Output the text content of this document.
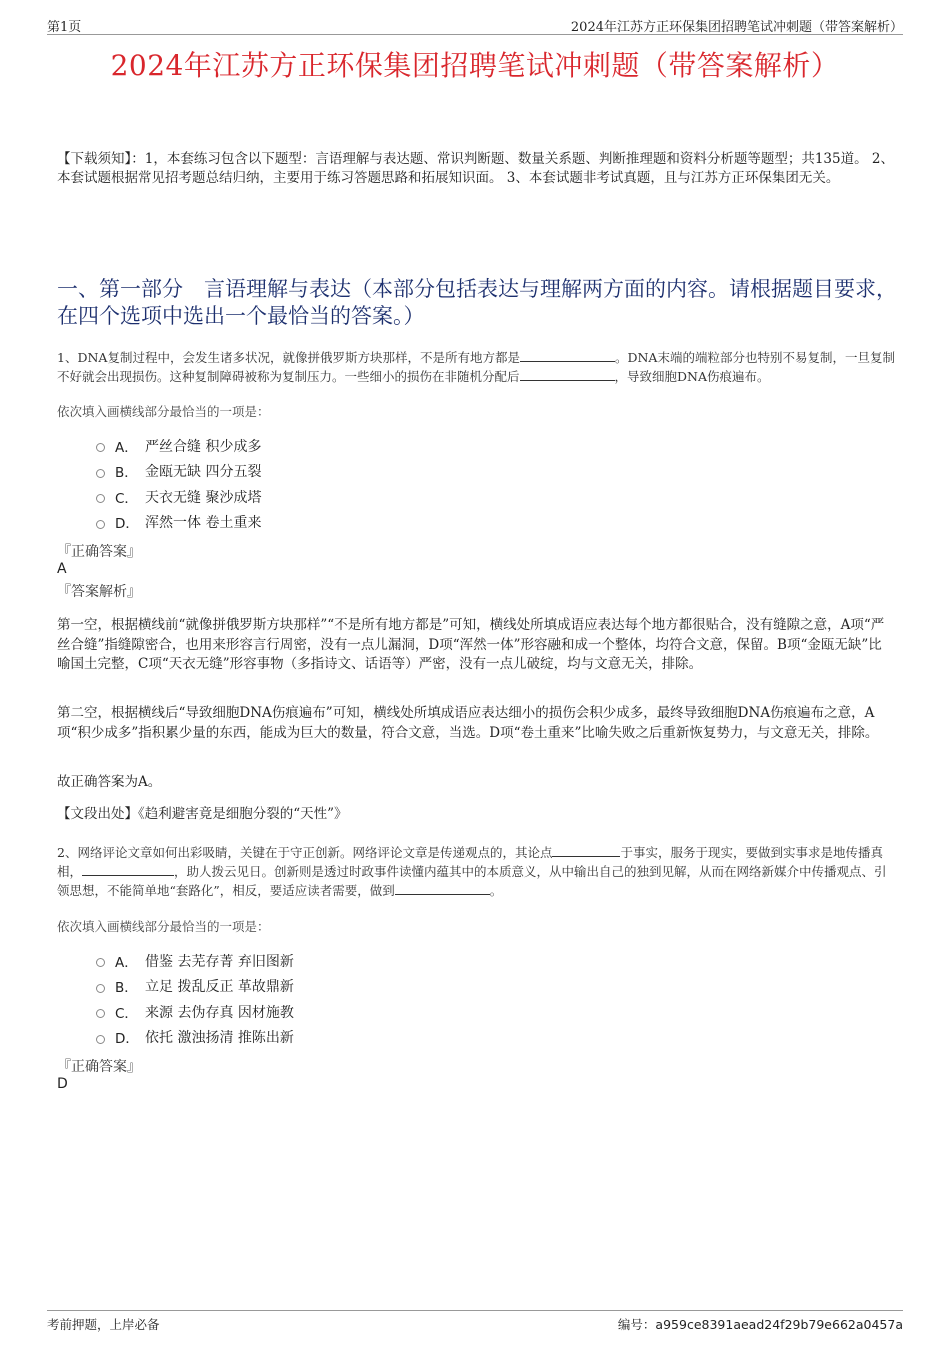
第1页	2024年江苏方正环保集团招聘笔试冲刺题（带答案解析）
2024年江苏方正环保集团招聘笔试冲刺题（带答案解析）
【下载须知】：1，本套练习包含以下题型：言语理解与表达题、常识判断题、数量关系题、判断推理题和资料分析题等题型；共135道。 2、本套试题根据常见招考题总结归纳，主要用于练习答题思路和拓展知识面。 3、本套试题非考试真题，且与江苏方正环保集团无关。
一、第一部分　言语理解与表达（本部分包括表达与理解两方面的内容。请根据题目要求，在四个选项中选出一个最恰当的答案。）
1、DNA复制过程中，会发生诸多状况，就像拼俄罗斯方块那样，不是所有地方都是	。DNA末端的端粒部分也特别不易复制，一旦复制不好就会出现损伤。这种复制障碍被称为复制压力。一些细小的损伤在非随机分配后	，导致细胞DNA伤痕遍布。
依次填入画横线部分最恰当的一项是：
A． 严丝合缝 积少成多
B． 金瓯无缺 四分五裂
C． 天衣无缝 聚沙成塔
D． 浑然一体 卷土重来
『正确答案』
A
『答案解析』
第一空，根据横线前“就像拼俄罗斯方块那样”“不是所有地方都是”可知，横线处所填成语应表达每个地方都很贴合，没有缝隙之意，A项“严丝合缝”指缝隙密合，也用来形容言行周密，没有一点儿漏洞，D项“浑然一体”形容融和成一个整体，均符合文意，保留。B项“金瓯无缺”比喻国土完整，C项“天衣无缝”形容事物（多指诗文、话语等）严密，没有一点儿破绽，均与文意无关，排除。
第二空，根据横线后“导致细胞DNA伤痕遍布”可知，横线处所填成语应表达细小的损伤会积少成多，最终导致细胞DNA伤痕遍布之意，A项“积少成多”指积累少量的东西，能成为巨大的数量，符合文意，当选。D项“卷土重来”比喻失败之后重新恢复势力，与文意无关，排除。
故正确答案为A。
【文段出处】《趋利避害竟是细胞分裂的“天性”》
2、网络评论文章如何出彩吸睛，关键在于守正创新。网络评论文章是传递观点的，其论点	于事实，服务于现实，要做到实事求是地传播真相，	，助人拨云见日。创新则是透过时政事件读懂内蕴其中的本质意义，从中输出自己的独到见解，从而在网络新媒介中传播观点、引领思想，不能简单地“套路化”，相反，要适应读者需要，做到	。
依次填入画横线部分最恰当的一项是：
A． 借鉴 去芜存菁 弃旧图新
B． 立足 拨乱反正 革故鼎新
C． 来源 去伪存真 因材施教
D． 依托 激浊扬清 推陈出新
『正确答案』
D
考前押题，上岸必备	编号：a959ce8391aead24f29b79e662a0457a
